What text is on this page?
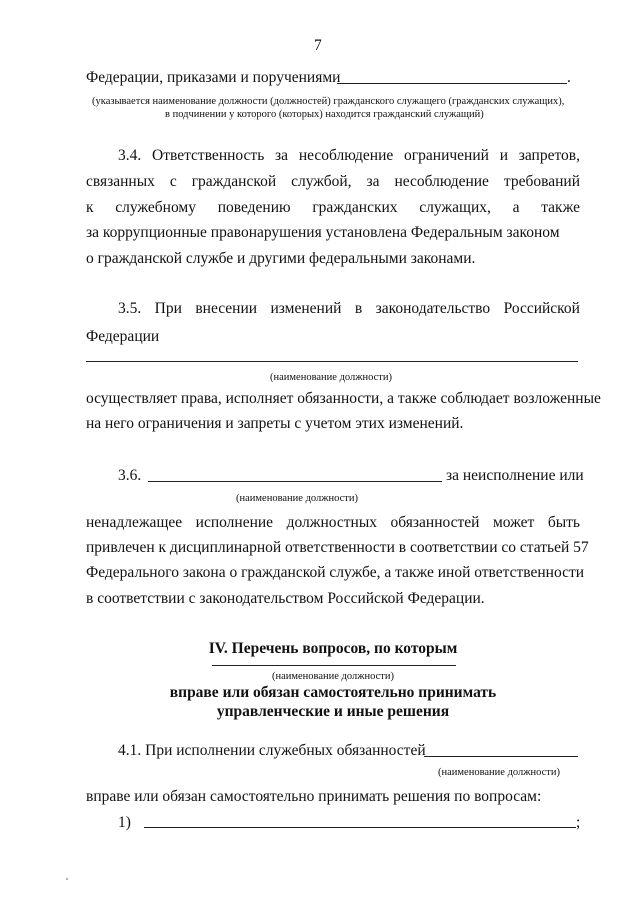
7
Федерации, приказами и поручениями	.
(указывается наименование должности (должностей) гражданского служащего (гражданских служащих),
в подчинении у которого (которых) находится гражданский служащий)
3.4. Ответственность за несоблюдение ограничений и запретов,
связанных с гражданской службой, за несоблюдение требований
к служебному поведению гражданских служащих, а также
за коррупционные правонарушения установлена Федеральным законом
о гражданской службе и другими федеральными законами.
3.5. При внесении изменений в законодательство Российской
Федерации
(наименование должности)
осуществляет права, исполняет обязанности, а также соблюдает возложенные
на него ограничения и запреты с учетом этих изменений.
3.6.	за неисполнение или
(наименование должности)
ненадлежащее исполнение должностных обязанностей может быть
привлечен к дисциплинарной ответственности в соответствии со статьей 57
Федерального закона о гражданской службе, а также иной ответственности
в соответствии с законодательством Российской Федерации.
IV. Перечень вопросов, по которым
(наименование должности)
вправе или обязан самостоятельно принимать
управленческие и иные решения
4.1. При исполнении служебных обязанностей
(наименование должности)
вправе или обязан самостоятельно принимать решения по вопросам:
1)	;
